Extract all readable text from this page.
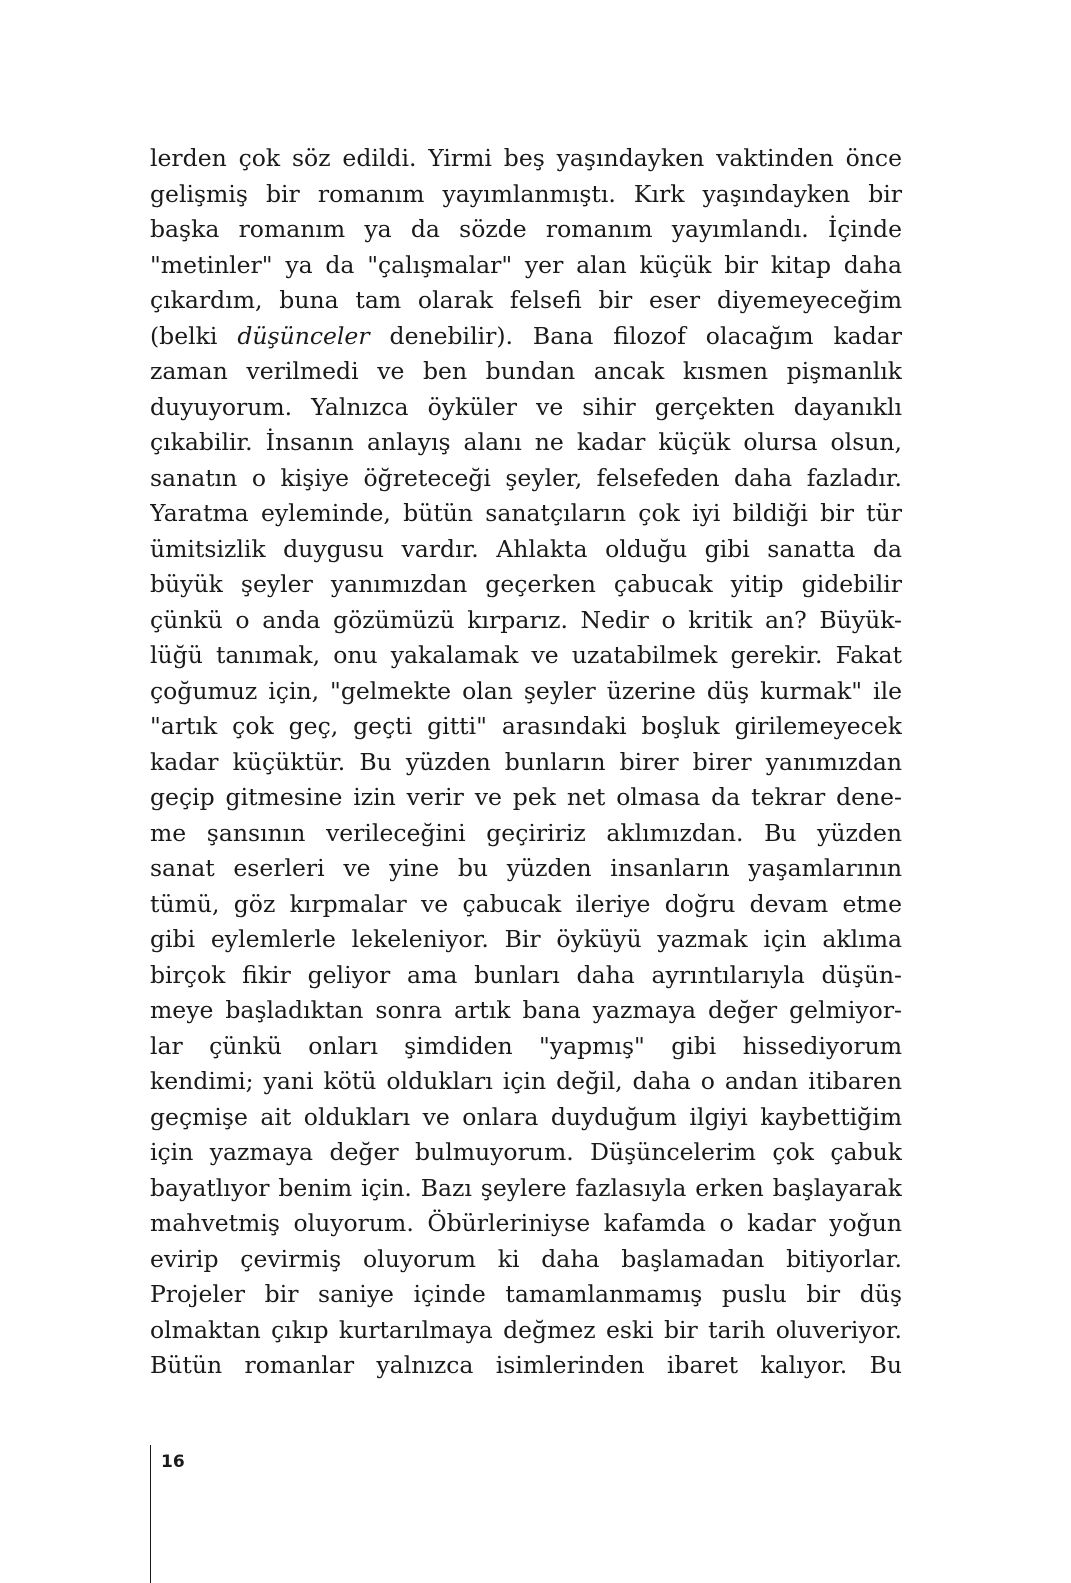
lerden çok söz edildi. Yirmi beş yaşındayken vaktinden önce
gelişmiş bir romanım yayımlanmıştı. Kırk yaşındayken bir
başka romanım ya da sözde romanım yayımlandı. İçinde
"metinler" ya da "çalışmalar" yer alan küçük bir kitap daha
çıkardım, buna tam olarak felsefi bir eser diyemeyeceğim
(belki düşünceler denebilir). Bana filozof olacağım kadar
zaman verilmedi ve ben bundan ancak kısmen pişmanlık
duyuyorum. Yalnızca öyküler ve sihir gerçekten dayanıklı
çıkabilir. İnsanın anlayış alanı ne kadar küçük olursa olsun,
sanatın o kişiye öğreteceği şeyler, felsefeden daha fazladır.
Yaratma eyleminde, bütün sanatçıların çok iyi bildiği bir tür
ümitsizlik duygusu vardır. Ahlakta olduğu gibi sanatta da
büyük şeyler yanımızdan geçerken çabucak yitip gidebilir
çünkü o anda gözümüzü kırparız. Nedir o kritik an? Büyük-
lüğü tanımak, onu yakalamak ve uzatabilmek gerekir. Fakat
çoğumuz için, "gelmekte olan şeyler üzerine düş kurmak" ile
"artık çok geç, geçti gitti" arasındaki boşluk girilemeyecek
kadar küçüktür. Bu yüzden bunların birer birer yanımızdan
geçip gitmesine izin verir ve pek net olmasa da tekrar dene-
me şansının verileceğini geçiririz aklımızdan. Bu yüzden
sanat eserleri ve yine bu yüzden insanların yaşamlarının
tümü, göz kırpmalar ve çabucak ileriye doğru devam etme
gibi eylemlerle lekeleniyor. Bir öyküyü yazmak için aklıma
birçok fikir geliyor ama bunları daha ayrıntılarıyla düşün-
meye başladıktan sonra artık bana yazmaya değer gelmiyor-
lar çünkü onları şimdiden "yapmış" gibi hissediyorum
kendimi; yani kötü oldukları için değil, daha o andan itibaren
geçmişe ait oldukları ve onlara duyduğum ilgiyi kaybettiğim
için yazmaya değer bulmuyorum. Düşüncelerim çok çabuk
bayatlıyor benim için. Bazı şeylere fazlasıyla erken başlayarak
mahvetmiş oluyorum. Öbürleriniyse kafamda o kadar yoğun
evirip çevirmiş oluyorum ki daha başlamadan bitiyorlar.
Projeler bir saniye içinde tamamlanmamış puslu bir düş
olmaktan çıkıp kurtarılmaya değmez eski bir tarih oluveriyor.
Bütün romanlar yalnızca isimlerinden ibaret kalıyor. Bu
16
